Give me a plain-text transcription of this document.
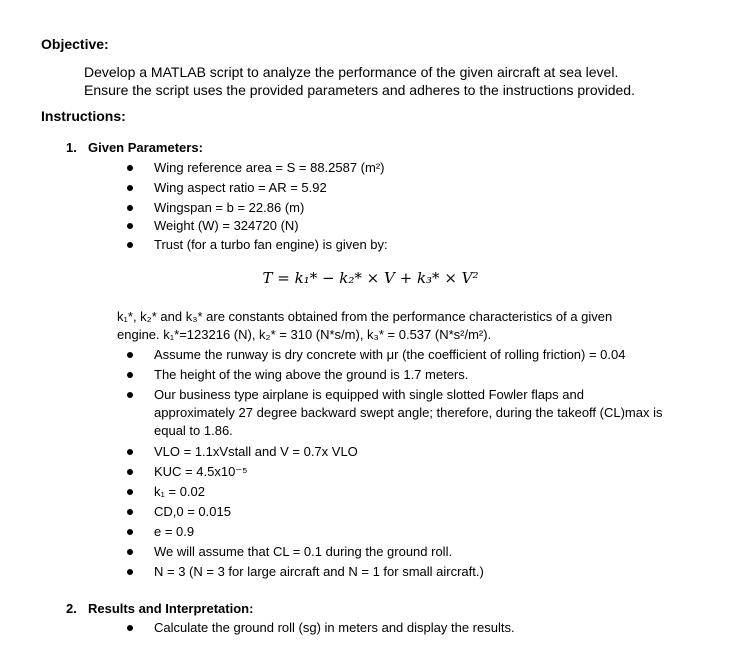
Objective:
Develop a MATLAB script to analyze the performance of the given aircraft at sea level.
Ensure the script uses the provided parameters and adheres to the instructions provided.
Instructions:
1. Given Parameters:
Wing reference area = S = 88.2587 (m²)
Wing aspect ratio = AR = 5.92
Wingspan = b = 22.86 (m)
Weight (W) = 324720 (N)
Trust (for a turbo fan engine) is given by:
T = k₁* − k₂* × V + k₃* × V²
k₁*, k₂* and k₃* are constants obtained from the performance characteristics of a given
engine. k₁*=123216 (N), k₂* = 310 (N*s/m), k₃* = 0.537 (N*s²/m²).
Assume the runway is dry concrete with μr (the coefficient of rolling friction) = 0.04
The height of the wing above the ground is 1.7 meters.
Our business type airplane is equipped with single slotted Fowler flaps and
approximately 27 degree backward swept angle; therefore, during the takeoff (CL)max is
equal to 1.86.
VLO = 1.1xVstall and V = 0.7x VLO
KUC = 4.5x10⁻⁵
k₁ = 0.02
CD,0 = 0.015
e = 0.9
We will assume that CL = 0.1 during the ground roll.
N = 3 (N = 3 for large aircraft and N = 1 for small aircraft.)
2. Results and Interpretation:
Calculate the ground roll (sg) in meters and display the results.
